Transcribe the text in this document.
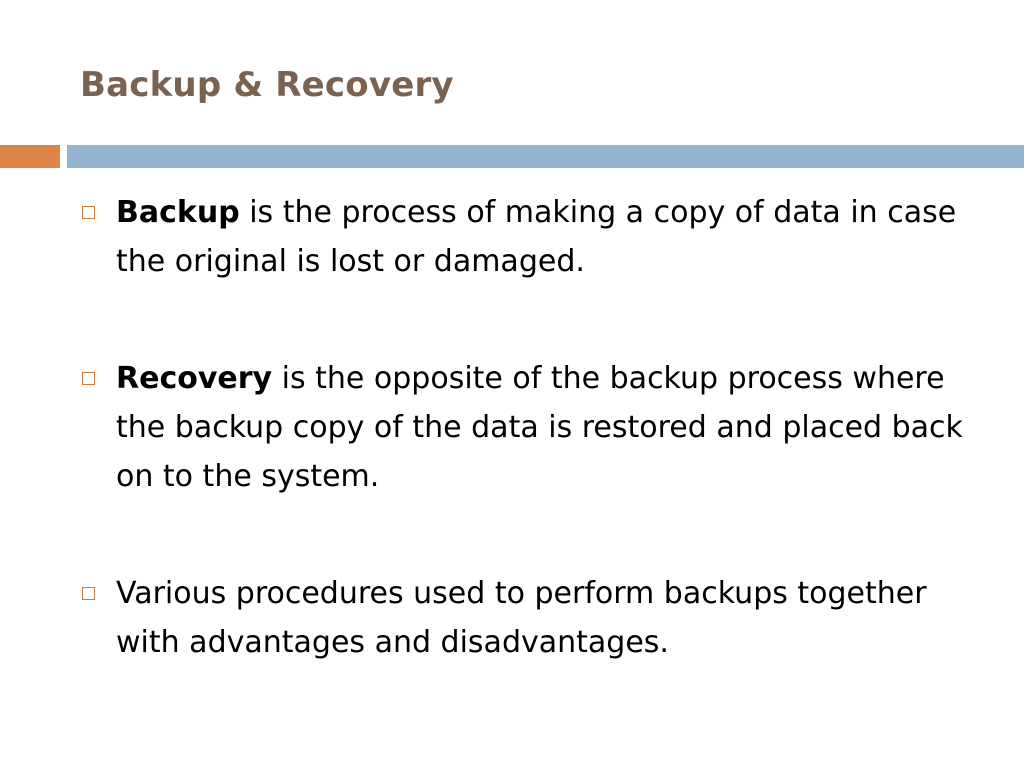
Backup & Recovery
Backup is the process of making a copy of data in case the original is lost or damaged.
Recovery is the opposite of the backup process where the backup copy of the data is restored and placed back on to the system.
Various procedures used to perform backups together with advantages and disadvantages.
